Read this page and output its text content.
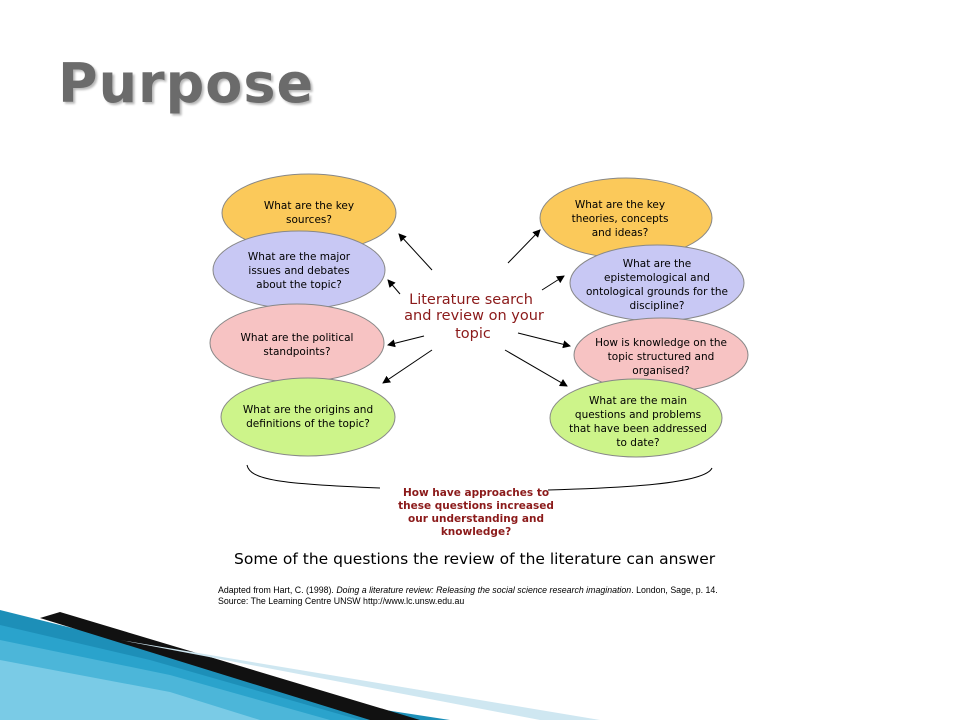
Purpose
What are the key sources?
What are the major issues and debates about the topic?
What are the political standpoints?
What are the origins and definitions of the topic?
What are the key theories, concepts and ideas?
What are the epistemological and ontological grounds for the discipline?
How is knowledge on the topic structured and organised?
What are the main questions and problems that have been addressed to date?
Literature search and review on your topic
How have approaches to these questions increased our understanding and knowledge?
Some of the questions the review of the literature can answer
Adapted from Hart, C. (1998). Doing a literature review: Releasing the social science research imagination. London, Sage, p. 14.
Source: The Learning Centre UNSW http://www.lc.unsw.edu.au
